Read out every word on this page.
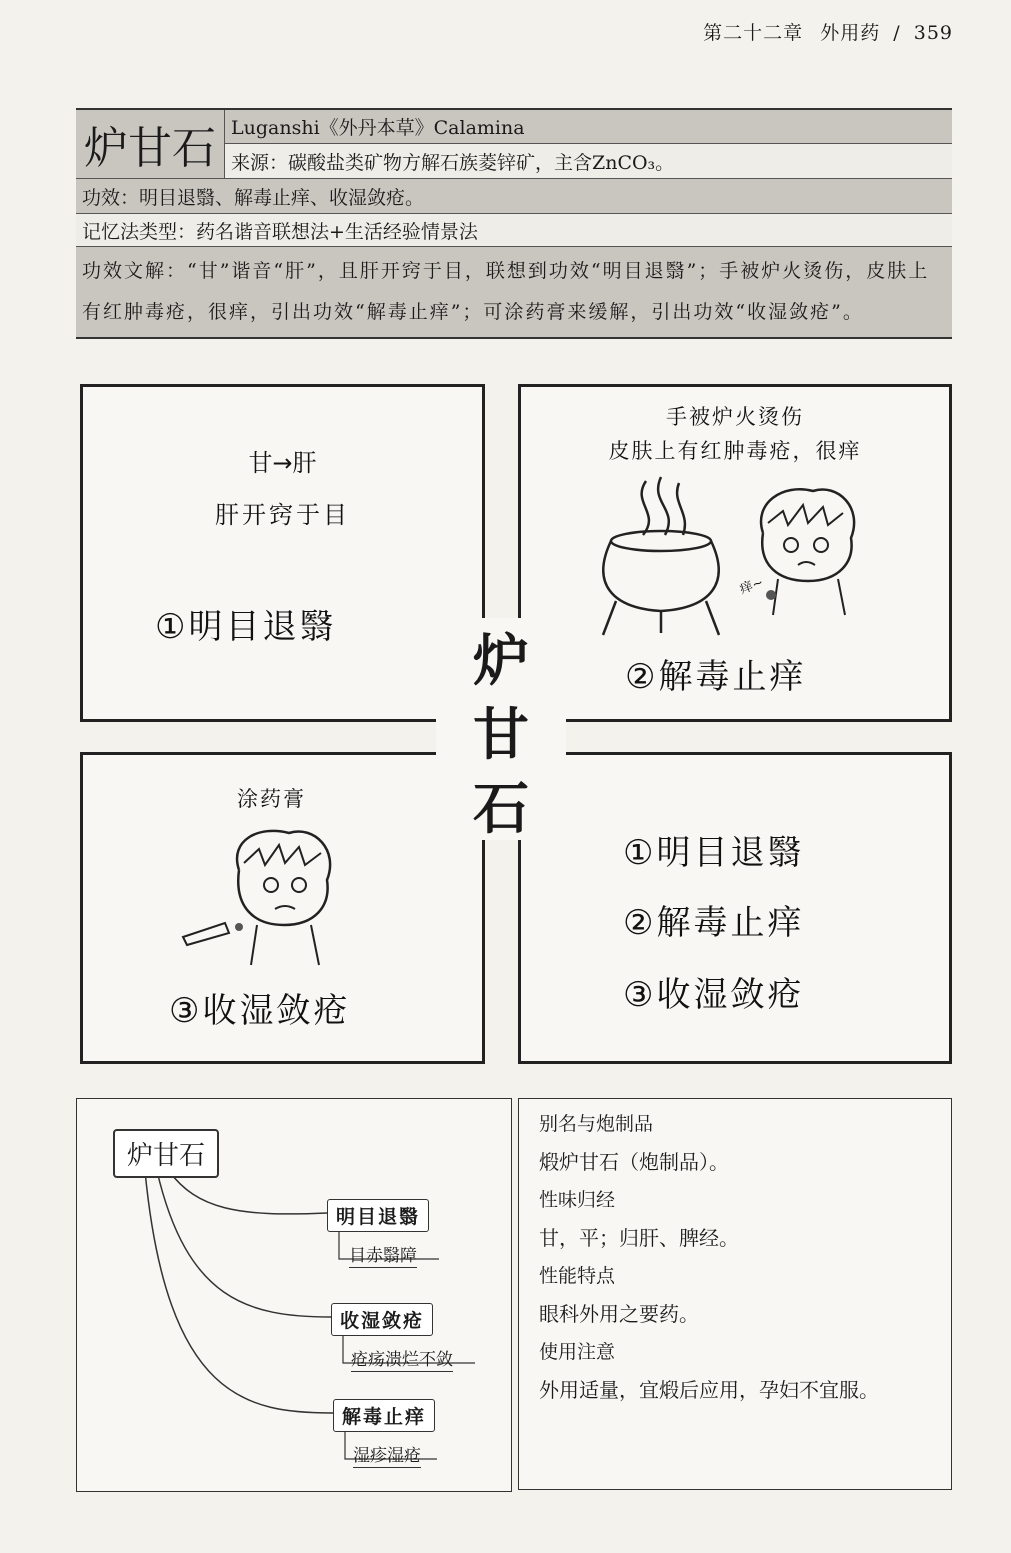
第二十二章 外用药 / 359
炉甘石 Luganshi《外丹本草》Calamina
来源：碳酸盐类矿物方解石族菱锌矿，主含ZnCO₃。
功效：明目退翳、解毒止痒、收湿敛疮。
记忆法类型：药名谐音联想法+生活经验情景法
功效文解：“甘”谐音“肝”，且肝开窍于目，联想到功效“明目退翳”；手被炉火烫伤，皮肤上有红肿毒疮，很痒，引出功效“解毒止痒”；可涂药膏来缓解，引出功效“收湿敛疮”。
甘→肝
肝开窍于目
①明目退翳
手被炉火烫伤
皮肤上有红肿毒疮，很痒
痒~
②解毒止痒
涂药膏
③收湿敛疮
①明目退翳
②解毒止痒
③收湿敛疮
炉
甘
石
炉甘石
明目退翳
目赤翳障
收湿敛疮
疮疡溃烂不敛
解毒止痒
湿疹湿疮
别名与炮制品
煅炉甘石（炮制品）。
性味归经
甘，平；归肝、脾经。
性能特点
眼科外用之要药。
使用注意
外用适量，宜煅后应用，孕妇不宜服。
